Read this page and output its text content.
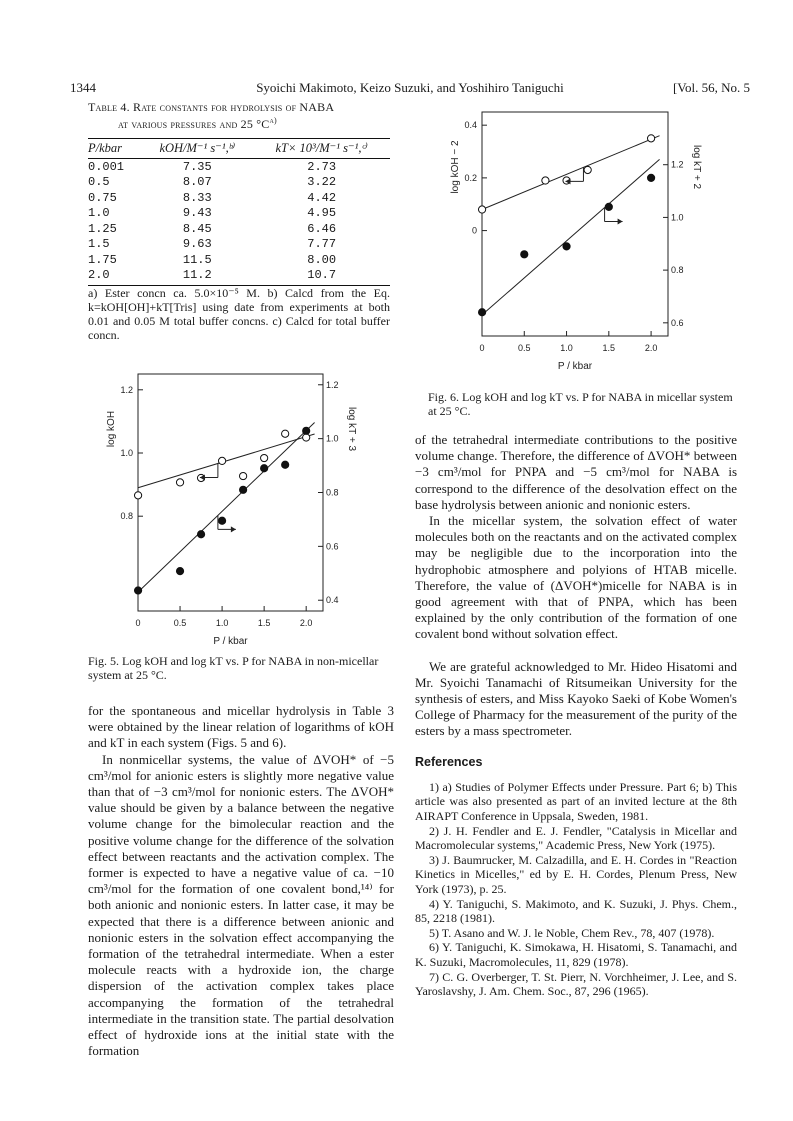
1344	Syoichi Makimoto, Keizo Suzuki, and Yoshihiro Taniguchi	[Vol. 56, No. 5
Table 4. Rate constants for hydrolysis of NABA
at various pressures and 25 $^\circ C^{a)}$
P/kbar	kOH/M⁻¹ s⁻¹,ᵇ⁾	kT× 10³/M⁻¹ s⁻¹,ᶜ⁾
0.001	7.35	2.73
0.5	8.07	3.22
0.75	8.33	4.42
1.0	9.43	4.95
1.25	8.45	6.46
1.5	9.63	7.77
1.75	11.5	8.00
2.0	11.2	10.7
a) Ester concn ca. 5.0×10⁻⁵ M. b) Calcd from the Eq. k=kOH[OH]+kT[Tris] using date from experiments at both 0.01 and 0.05 M total buffer concns. c) Calcd for total buffer concn.
0	0.5	1.0	1.5	2.0
0.8
1.0
1.2
0.4
0.6
0.8
1.0
1.2
P / kbar
log kOH	log kT + 3
Fig. 5. Log kOH and log kT vs. P for NABA in non-micellar system at 25 °C.
0	0.5	1.0	1.5	2.0
0
0.2
0.4
0.6
0.8
1.0
1.2
P / kbar
log kOH − 2	log kT + 2
Fig. 6. Log kOH and log kT vs. P for NABA in micellar system at 25 °C.

for the spontaneous and micellar hydrolysis in Table 3 were obtained by the linear relation of logarithms of kOH and kT in each system (Figs. 5 and 6).

In nonmicellar systems, the value of ΔVOH* of −5 cm³/mol for anionic esters is slightly more negative value than that of −3 cm³/mol for nonionic esters. The ΔVOH* value should be given by a balance between the negative volume change for the bimolecular reaction and the positive volume change for the difference of the solvation effect between reactants and the activation complex. The former is expected to have a negative value of ca. −10 cm³/mol for the formation of one covalent bond,¹⁴⁾ for both anionic and nonionic esters. In latter case, it may be expected that there is a difference between anionic and nonionic esters in the solvation effect accompanying the formation of the tetrahedral intermediate. When a ester molecule reacts with a hydroxide ion, the charge dispersion of the activation complex takes place accompanying the formation of the tetrahedral intermediate in the transition state. The partial desolvation effect of hydroxide ions at the initial state with the formation

of the tetrahedral intermediate contributions to the positive volume change. Therefore, the difference of ΔVOH* between −3 cm³/mol for PNPA and −5 cm³/mol for NABA is correspond to the difference of the desolvation effect on the base hydrolysis between anionic and nonionic esters.

In the micellar system, the solvation effect of water molecules both on the reactants and on the activated complex may be negligible due to the incorporation into the hydrophobic atmosphere and polyions of HTAB micelle. Therefore, the value of (ΔVOH*)micelle for NABA is in good agreement with that of PNPA, which has been explained by the only contribution of the formation of one covalent bond without solvation effect.

We are grateful acknowledged to Mr. Hideo Hisatomi and Mr. Syoichi Tanamachi of Ritsumeikan University for the synthesis of esters, and Miss Kayoko Saeki of Kobe Women's College of Pharmacy for the measurement of the purity of the esters by a mass spectrometer.

References

1) a) Studies of Polymer Effects under Pressure. Part 6; b) This article was also presented as part of an invited lecture at the 8th AIRAPT Conference in Uppsala, Sweden, 1981.

2) J. H. Fendler and E. J. Fendler, "Catalysis in Micellar and Macromolecular systems," Academic Press, New York (1975).

3) J. Baumrucker, M. Calzadilla, and E. H. Cordes in "Reaction Kinetics in Micelles," ed by E. H. Cordes, Plenum Press, New York (1973), p. 25.

4) Y. Taniguchi, S. Makimoto, and K. Suzuki, J. Phys. Chem., 85, 2218 (1981).

5) T. Asano and W. J. le Noble, Chem Rev., 78, 407 (1978).

6) Y. Taniguchi, K. Simokawa, H. Hisatomi, S. Tanamachi, and K. Suzuki, Macromolecules, 11, 829 (1978).

7) C. G. Overberger, T. St. Pierr, N. Vorchheimer, J. Lee, and S. Yaroslavshy, J. Am. Chem. Soc., 87, 296 (1965).
